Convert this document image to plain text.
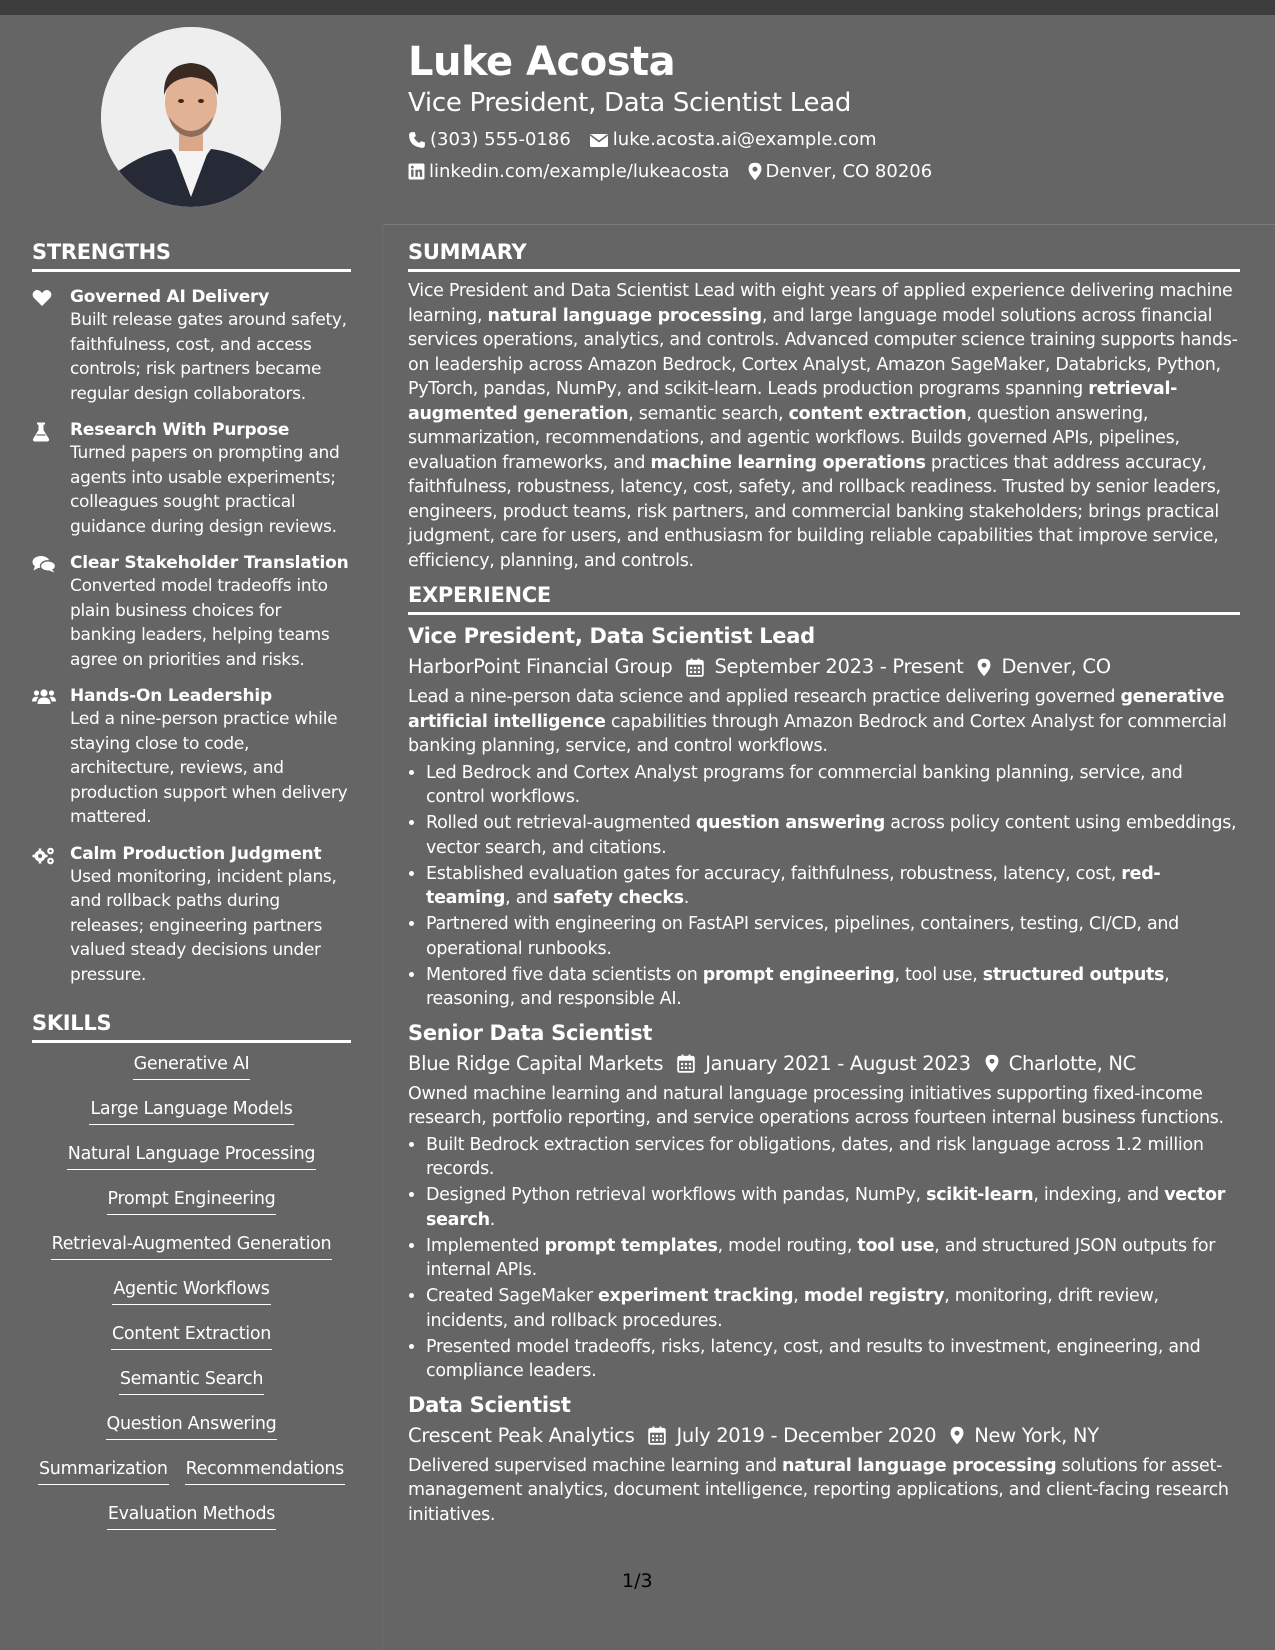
Luke Acosta
Vice President, Data Scientist Lead
(303) 555-0186 luke.acosta.ai@example.com
linkedin.com/example/lukeacosta Denver, CO 80206
STRENGTHS
Governed AI Delivery
Built release gates around safety, faithfulness, cost, and access controls; risk partners became regular design collaborators.
Research With Purpose
Turned papers on prompting and agents into usable experiments; colleagues sought practical guidance during design reviews.
Clear Stakeholder Translation
Converted model tradeoffs into plain business choices for banking leaders, helping teams agree on priorities and risks.
Hands-On Leadership
Led a nine-person practice while staying close to code, architecture, reviews, and production support when delivery mattered.
Calm Production Judgment
Used monitoring, incident plans, and rollback paths during releases; engineering partners valued steady decisions under pressure.
SKILLS
Generative AI
Large Language Models
Natural Language Processing
Prompt Engineering
Retrieval-Augmented Generation
Agentic Workflows
Content Extraction
Semantic Search
Question Answering
Summarization Recommendations
Evaluation Methods
SUMMARY
Vice President and Data Scientist Lead with eight years of applied experience delivering machine learning, natural language processing, and large language model solutions across financial services operations, analytics, and controls. Advanced computer science training supports hands-on leadership across Amazon Bedrock, Cortex Analyst, Amazon SageMaker, Databricks, Python, PyTorch, pandas, NumPy, and scikit-learn. Leads production programs spanning retrieval-augmented generation, semantic search, content extraction, question answering, summarization, recommendations, and agentic workflows. Builds governed APIs, pipelines, evaluation frameworks, and machine learning operations practices that address accuracy, faithfulness, robustness, latency, cost, safety, and rollback readiness. Trusted by senior leaders, engineers, product teams, risk partners, and commercial banking stakeholders; brings practical judgment, care for users, and enthusiasm for building reliable capabilities that improve service, efficiency, planning, and controls.
EXPERIENCE
Vice President, Data Scientist Lead
HarborPoint Financial Group September 2023 - Present Denver, CO
Lead a nine-person data science and applied research practice delivering governed generative artificial intelligence capabilities through Amazon Bedrock and Cortex Analyst for commercial banking planning, service, and control workflows.
• Led Bedrock and Cortex Analyst programs for commercial banking planning, service, and control workflows.
• Rolled out retrieval-augmented question answering across policy content using embeddings, vector search, and citations.
• Established evaluation gates for accuracy, faithfulness, robustness, latency, cost, red-teaming, and safety checks.
• Partnered with engineering on FastAPI services, pipelines, containers, testing, CI/CD, and operational runbooks.
• Mentored five data scientists on prompt engineering, tool use, structured outputs, reasoning, and responsible AI.
Senior Data Scientist
Blue Ridge Capital Markets January 2021 - August 2023 Charlotte, NC
Owned machine learning and natural language processing initiatives supporting fixed-income research, portfolio reporting, and service operations across fourteen internal business functions.
• Built Bedrock extraction services for obligations, dates, and risk language across 1.2 million records.
• Designed Python retrieval workflows with pandas, NumPy, scikit-learn, indexing, and vector search.
• Implemented prompt templates, model routing, tool use, and structured JSON outputs for internal APIs.
• Created SageMaker experiment tracking, model registry, monitoring, drift review, incidents, and rollback procedures.
• Presented model tradeoffs, risks, latency, cost, and results to investment, engineering, and compliance leaders.
Data Scientist
Crescent Peak Analytics July 2019 - December 2020 New York, NY
Delivered supervised machine learning and natural language processing solutions for asset-management analytics, document intelligence, reporting applications, and client-facing research initiatives.
1/3
